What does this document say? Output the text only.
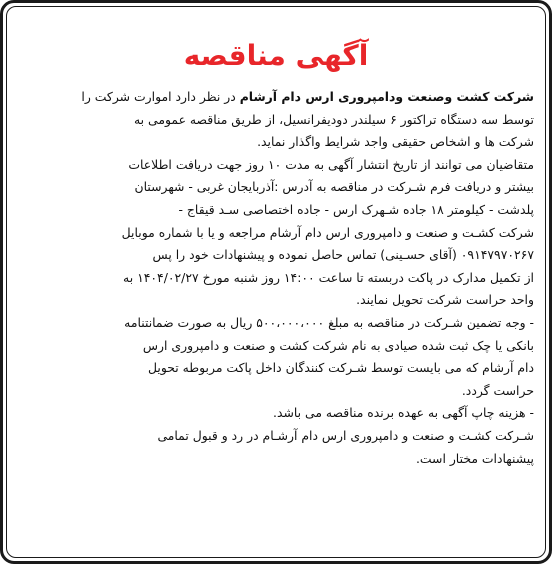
آگهی مناقصه
شرکت کشت وصنعت ودامپروری ارس دام آرشام در نظر دارد اموارت شرکت را
توسط سه دستگاه تراکتور ۶ سیلندر دودیفرانسیل، از طریق مناقصه عمومی به
شرکت ها و اشخاص حقیقی واجد شرایط واگذار نماید.
متقاضیان می توانند از تاریخ انتشار آگهی به مدت ۱۰ روز جهت دریافت اطلاعات
بیشتر و دریافت فرم شـرکت در مناقصه به آدرس :آذربایجان غربی - شهرستان
پلدشت - کیلومتر ۱۸ جاده شـهرک ارس - جاده اختصاصی سـد قیقاج -
شرکت کشـت و صنعت و دامپروری ارس دام آرشام مراجعه و یا با شماره موبایل
۰۹۱۴۷۹۷۰۲۶۷ (آقای حسـینی) تماس حاصل نموده و پیشنهادات خود را پس
از تکمیل مدارک در پاکت دربسته تا ساعت ۱۴:۰۰ روز شنبه مورخ ۱۴۰۴/۰۲/۲۷ به
واحد حراست شرکت تحویل نمایند.
- وجه تضمین شـرکت در مناقصه به مبلغ ۵۰۰،۰۰۰،۰۰۰ ریال به صورت ضمانتنامه
بانکی یا چک ثبت شده صیادی به نام شرکت کشت و صنعت و دامپروری ارس
دام آرشام که می بایست توسط شـرکت کنندگان داخل پاکت مربوطه تحویل
حراست گردد.
- هزینه چاپ آگهی به عهده برنده مناقصه می باشد.
شـرکت کشـت و صنعت و دامپروری ارس دام آرشـام در رد و قبول تمامی
پیشنهادات مختار است.
